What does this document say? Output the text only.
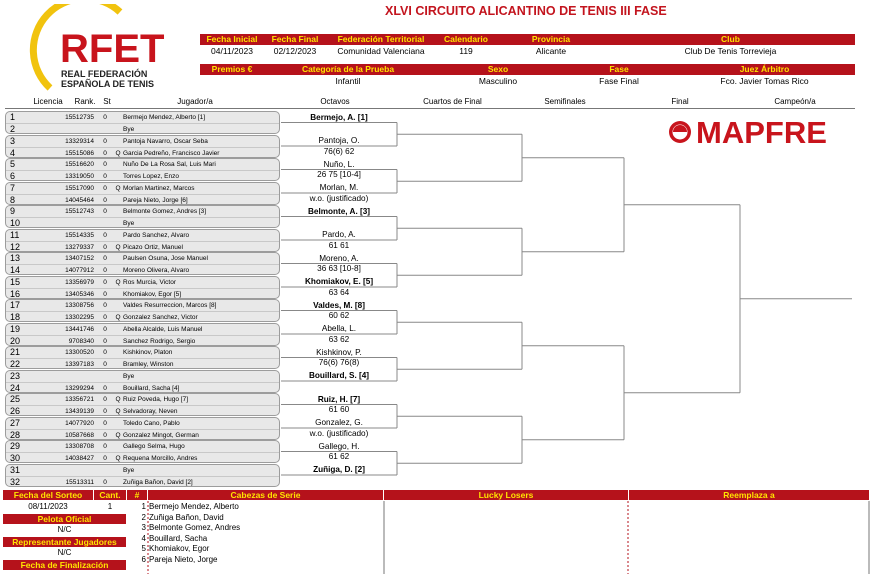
XLVI CIRCUITO ALICANTINO DE TENIS III FASE
RFET
REAL FEDERACIÓN
ESPAÑOLA DE TENIS
Fecha Inicial	Fecha Final	Federación Territorial	Calendario	Provincia	Club
04/11/2023	02/12/2023	Comunidad Valenciana	119	Alicante	Club De Tenis Torrevieja
Premios €	Categoría de la Prueba	Sexo	Fase	Juez Árbitro
Infantil	Masculino	Fase Final	Fco. Javier Tomas Rico
Licencia	Rank. St	Jugador/a	Octavos	Cuartos de Final	Semifinales	Final	Campeón/a
MAPFRE
1	15512735	0	Bermejo Mendez, Alberto [1]
2	Bye
3	13329314	0	Pantoja Navarro, Oscar Seba
4	15515086	0	Q Garcia Pedreño, Francisco Javier
5	15516620	0	Nuño De La Rosa Sal, Luis Mari
6	13319050	0	Torres Lopez, Enzo
7	15517090	0	Q Morlan Martinez, Marcos
8	14045464	0	Pareja Nieto, Jorge [6]
9	15512743	0	Belmonte Gomez, Andres [3]
10	Bye
11	15514335	0	Pardo Sanchez, Alvaro
12	13279337	0	Q Picazo Ortiz, Manuel
13	13407152	0	Paulsen Osuna, Jose Manuel
14	14077912	0	Moreno Olivera, Alvaro
15	13356979	0	Q Ros Murcia, Victor
16	13405346	0	Khomiakov, Egor [5]
17	13308756	0	Valdes Resurreccion, Marcos [8]
18	13302295	0	Q Gonzalez Sanchez, Victor
19	13441746	0	Abella Alcalde, Luis Manuel
20	9708340	0	Sanchez Rodrigo, Sergio
21	13300520	0	Kishkinov, Platon
22	13397183	0	Bramley, Winston
23	Bye
24	13299294	0	Bouillard, Sacha [4]
25	13356721	0	Q Ruiz Poveda, Hugo [7]
26	13439139	0	Q Selvadoray, Neven
27	14077920	0	Toledo Cano, Pablo
28	10587668	0	Q Gonzalez Mingot, German
29	13308708	0	Gallego Selma, Hugo
30	14038427	0	Q Requena Morcillo, Andres
31	Bye
32	15513311	0	Zuñiga Bañon, David [2]
Bermejo, A. [1]
Pantoja, O.
76(6) 62
Nuño, L.
26 75 [10-4]
Morlan, M.
w.o. (justificado)
Belmonte, A. [3]
Pardo, A.
61 61
Moreno, A.
36 63 [10-8]
Khomiakov, E. [5]
63 64
Valdes, M. [8]
60 62
Abella, L.
63 62
Kishkinov, P.
76(6) 76(8)
Bouillard, S. [4]
Ruiz, H. [7]
61 60
Gonzalez, G.
w.o. (justificado)
Gallego, H.
61 62
Zuñiga, D. [2]
Fecha del Sorteo	Cant.	#	Cabezas de Serie	Lucky Losers	Reemplaza a
08/11/2023	1
Pelota Oficial
N/C
Representante Jugadores
N/C
Fecha de Finalización
1 Bermejo Mendez, Alberto
2 Zuñiga Bañon, David
3 Belmonte Gomez, Andres
4 Bouillard, Sacha
5 Khomiakov, Egor
6 Pareja Nieto, Jorge
